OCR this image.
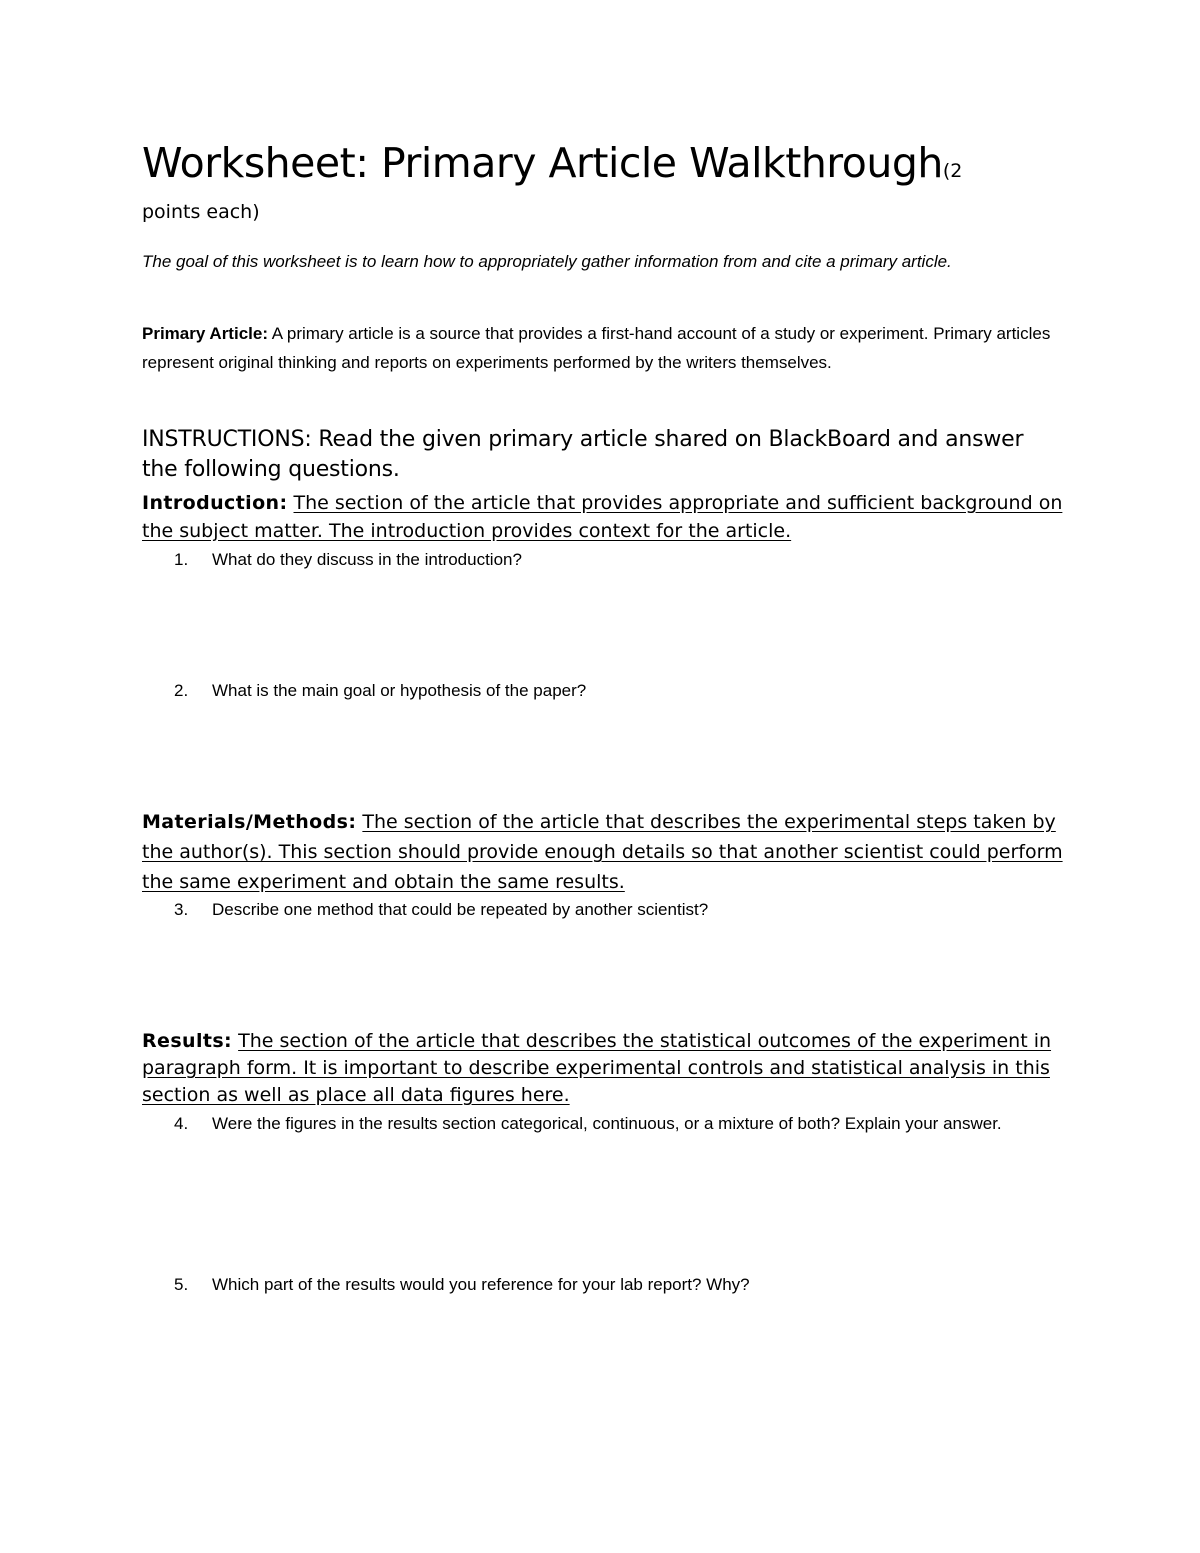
Worksheet: Primary Article Walkthrough(2
points each)
The goal of this worksheet is to learn how to appropriately gather information from and cite a primary article.
Primary Article: A primary article is a source that provides a first-hand account of a study or experiment. Primary articles represent original thinking and reports on experiments performed by the writers themselves.
INSTRUCTIONS: Read the given primary article shared on BlackBoard and answer the following questions.
Introduction: The section of the article that provides appropriate and sufficient background on the subject matter. The introduction provides context for the article.
1.	What do they discuss in the introduction?
2.	What is the main goal or hypothesis of the paper?
Materials/Methods: The section of the article that describes the experimental steps taken by the author(s). This section should provide enough details so that another scientist could perform the same experiment and obtain the same results.
3.	Describe one method that could be repeated by another scientist?
Results: The section of the article that describes the statistical outcomes of the experiment in paragraph form. It is important to describe experimental controls and statistical analysis in this section as well as place all data figures here.
4.	Were the figures in the results section categorical, continuous, or a mixture of both? Explain your answer.
5.	Which part of the results would you reference for your lab report? Why?
